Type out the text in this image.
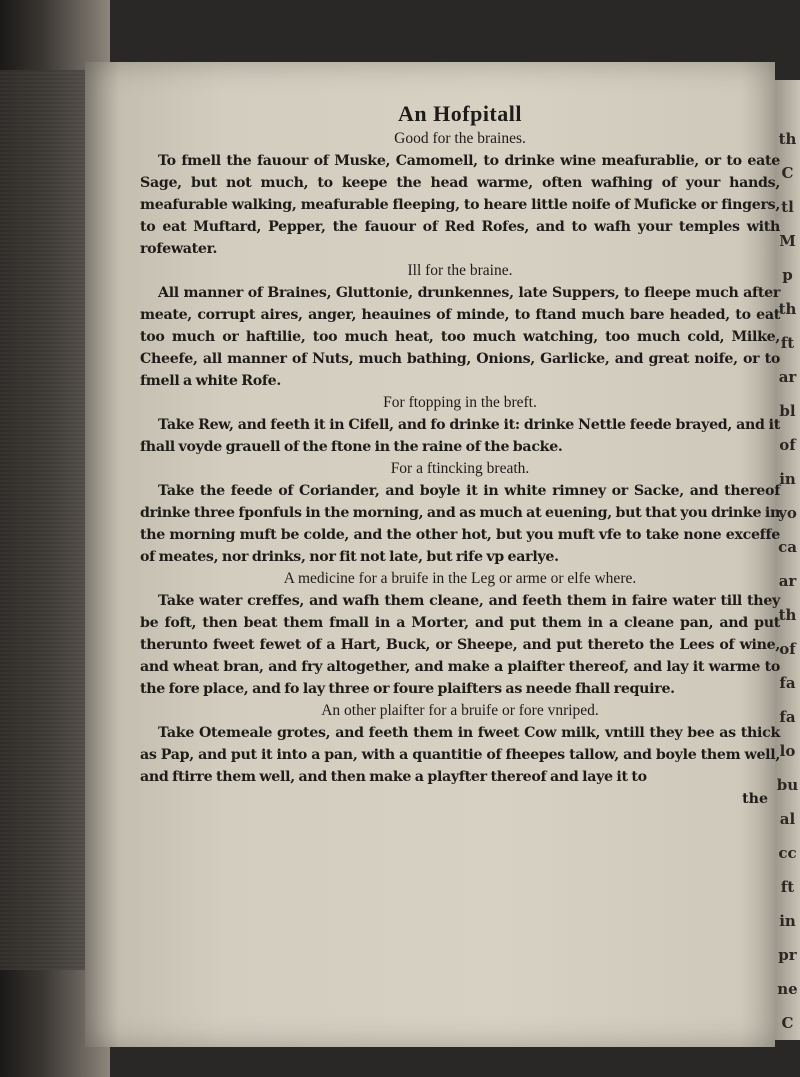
th
C
tl
M
p
th
ft
ar
bl
of
in
yo
ca
ar
th
of
fa
fa
lo
bu
al
cc
ft
in
pr
ne
C
An Hofpitall

Good for the braines.

To fmell the fauour of Muske, Camomell, to drinke wine meafurablie, or to eate Sage, but not much, to keepe the head warme, often wafhing of your hands, meafurable walking, meafurable fleeping, to heare little noife of Muficke or fingers, to eat Muftard, Pepper, the fauour of Red Rofes, and to wafh your temples with rofewater.

Ill for the braine.

All manner of Braines, Gluttonie, drunkennes, late Suppers, to fleepe much after meate, corrupt aires, anger, heauines of minde, to ftand much bare headed, to eat too much or haftilie, too much heat, too much watching, too much cold, Milke, Cheefe, all manner of Nuts, much bathing, Onions, Garlicke, and great noife, or to fmell a white Rofe.

For ftopping in the breft.

Take Rew, and feeth it in Cifell, and fo drinke it: drinke Nettle feede brayed, and it fhall voyde grauell of the ftone in the raine of the backe.

For a ftincking breath.

Take the feede of Coriander, and boyle it in white rimney or Sacke, and thereof drinke three fponfuls in the morning, and as much at euening, but that you drinke in the morning muft be colde, and the other hot, but you muft vfe to take none exceffe of meates, nor drinks, nor fit not late, but rife vp earlye.

A medicine for a bruife in the Leg or arme or elfe where.

Take water creffes, and wafh them cleane, and feeth them in faire water till they be foft, then beat them fmall in a Morter, and put them in a cleane pan, and put therunto fweet fewet of a Hart, Buck, or Sheepe, and put thereto the Lees of wine, and wheat bran, and fry altogether, and make a plaifter thereof, and lay it warme to the fore place, and fo lay three or foure plaifters as neede fhall require.

An other plaifter for a bruife or fore vnriped.

Take Otemeale grotes, and feeth them in fweet Cow milk, vntill they bee as thick as Pap, and put it into a pan, with a quantitie of fheepes tallow, and boyle them well, and ftirre them well, and then make a playfter thereof and laye it to

the
